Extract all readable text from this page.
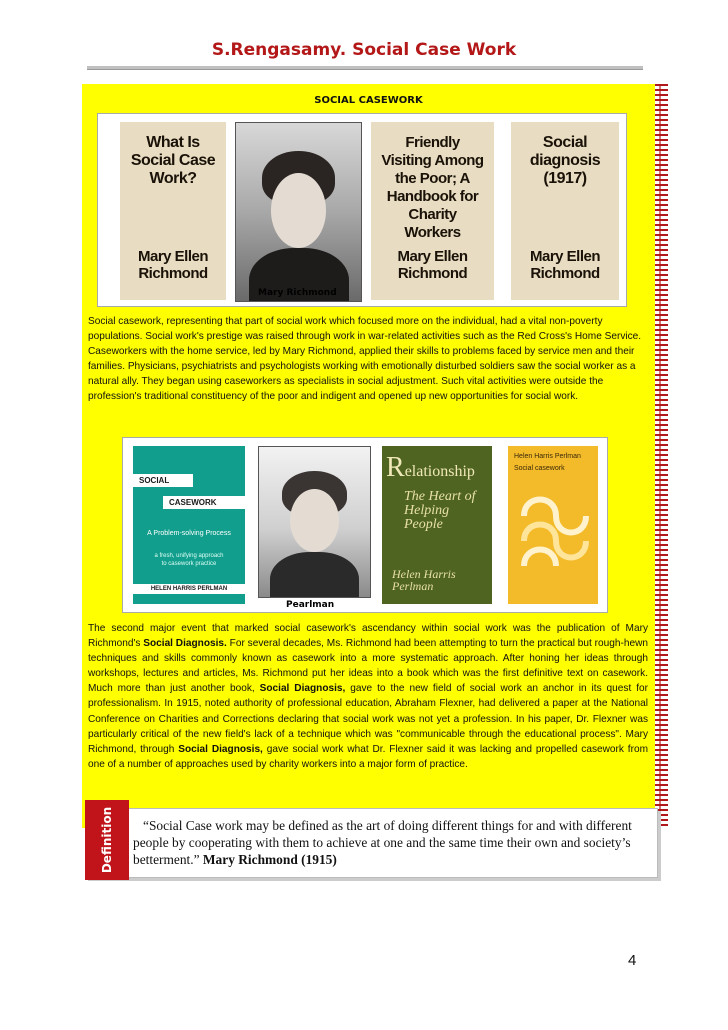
S.Rengasamy. Social Case Work
SOCIAL CASEWORK
What Is Social Case Work?
Mary Ellen Richmond
Friendly Visiting Among the Poor; A Handbook for Charity Workers
Mary Ellen Richmond
Social diagnosis (1917)
Mary Ellen Richmond
Mary Richmond

Social casework, representing that part of social work which focused more on the individual, had a vital non-poverty populations. Social work's prestige was raised through work in war-related activities such as the Red Cross's Home Service. Caseworkers with the home service, led by Mary Richmond, applied their skills to problems faced by service men and their families. Physicians, psychiatrists and psychologists working with emotionally disturbed soldiers saw the social worker as a natural ally. They began using caseworkers as specialists in social adjustment. Such vital activities were outside the profession's traditional constituency of the poor and indigent and opened up new opportunities for social work.

SOCIAL
CASEWORK
A Problem-solving Process
a fresh, unifying approach to casework practice
HELEN HARRIS PERLMAN
Relationship
The Heart of Helping People
Helen Harris Perlman
Helen Harris Perlman
Social casework
Pearlman

The second major event that marked social casework's ascendancy within social work was the publication of Mary Richmond's Social Diagnosis. For several decades, Ms. Richmond had been attempting to turn the practical but rough-hewn techniques and skills commonly known as casework into a more systematic approach. After honing her ideas through workshops, lectures and articles, Ms. Richmond put her ideas into a book which was the first definitive text on casework. Much more than just another book, Social Diagnosis, gave to the new field of social work an anchor in its quest for professionalism. In 1915, noted authority of professional education, Abraham Flexner, had delivered a paper at the National Conference on Charities and Corrections declaring that social work was not yet a profession. In his paper, Dr. Flexner was particularly critical of the new field's lack of a technique which was "communicable through the educational process". Mary Richmond, through Social Diagnosis, gave social work what Dr. Flexner said it was lacking and propelled casework from one of a number of approaches used by charity workers into a major form of practice.

Definition	“Social Case work may be defined as the art of doing different things for and with different people by cooperating with them to achieve at one and the same time their own and society’s betterment.” Mary Richmond (1915)
4
